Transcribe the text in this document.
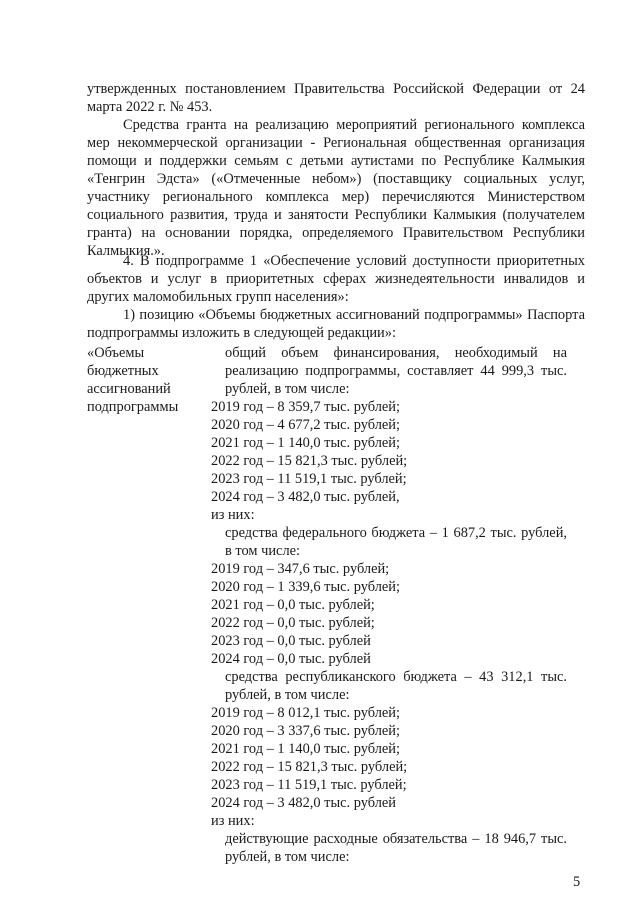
утвержденных постановлением Правительства Российской Федерации от 24 марта 2022 г. № 453.

Средства гранта на реализацию мероприятий регионального комплекса мер некоммерческой организации - Региональная общественная организация помощи и поддержки семьям с детьми аутистами по Республике Калмыкия «Тенгрин Эдста» («Отмеченные небом») (поставщику социальных услуг, участнику регионального комплекса мер) перечисляются Министерством социального развития, труда и занятости Республики Калмыкия (получателем гранта) на основании порядка, определяемого Правительством Республики Калмыкия.».

4. В подпрограмме 1 «Обеспечение условий доступности приоритетных объектов и услуг в приоритетных сферах жизнедеятельности инвалидов и других маломобильных групп населения»:

1) позицию «Объемы бюджетных ассигнований подпрограммы» Паспорта подпрограммы изложить в следующей редакции»:

«Объемы
бюджетных
ассигнований
подпрограммы
общий объем финансирования, необходимый на реализацию подпрограммы, составляет 44 999,3 тыс. рублей, в том числе:
2019 год – 8 359,7 тыс. рублей;
2020 год – 4 677,2 тыс. рублей;
2021 год – 1 140,0 тыс. рублей;
2022 год – 15 821,3 тыс. рублей;
2023 год – 11 519,1 тыс. рублей;
2024 год – 3 482,0 тыс. рублей,
из них:
средства федерального бюджета – 1 687,2 тыс. рублей, в том числе:
2019 год – 347,6 тыс. рублей;
2020 год – 1 339,6 тыс. рублей;
2021 год – 0,0 тыс. рублей;
2022 год – 0,0 тыс. рублей;
2023 год – 0,0 тыс. рублей
2024 год – 0,0 тыс. рублей
средства республиканского бюджета – 43 312,1 тыс. рублей, в том числе:
2019 год – 8 012,1 тыс. рублей;
2020 год – 3 337,6 тыс. рублей;
2021 год – 1 140,0 тыс. рублей;
2022 год – 15 821,3 тыс. рублей;
2023 год – 11 519,1 тыс. рублей;
2024 год – 3 482,0 тыс. рублей
из них:
действующие расходные обязательства – 18 946,7 тыс. рублей, в том числе:
5
